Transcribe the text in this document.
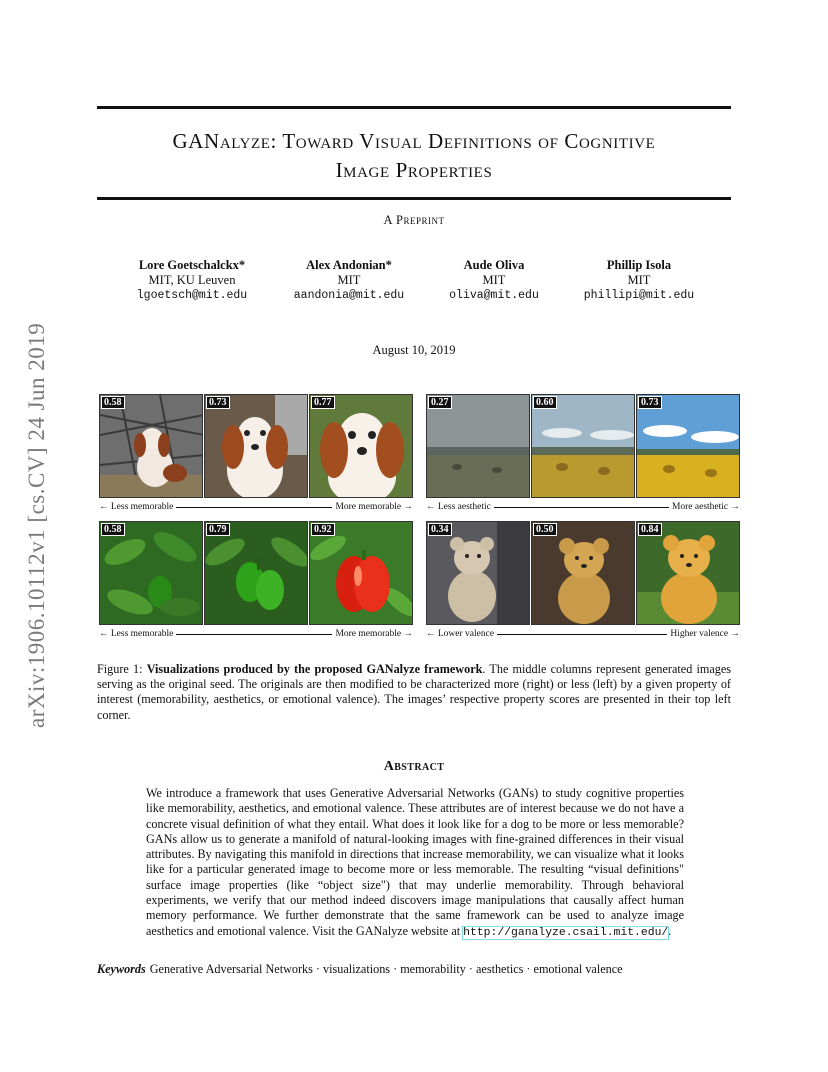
arXiv:1906.10112v1 [cs.CV] 24 Jun 2019
GANalyze: Toward Visual Definitions of Cognitive
Image Properties
A Preprint
Lore Goetschalckx*
MIT, KU Leuven
lgoetsch@mit.edu
Alex Andonian*
MIT
aandonia@mit.edu
Aude Oliva
MIT
oliva@mit.edu
Phillip Isola
MIT
phillipi@mit.edu
August 10, 2019
0.58	0.73	0.77
← Less memorable	More memorable →
0.27	0.60	0.73
← Less aesthetic	More aesthetic →
0.58	0.79	0.92
← Less memorable	More memorable →
0.34	0.50	0.84
← Lower valence	Higher valence →
Figure 1: Visualizations produced by the proposed GANalyze framework. The middle columns represent generated images serving as the original seed. The originals are then modified to be characterized more (right) or less (left) by a given property of interest (memorability, aesthetics, or emotional valence). The images’ respective property scores are presented in their top left corner.
Abstract
We introduce a framework that uses Generative Adversarial Networks (GANs) to study cognitive properties like memorability, aesthetics, and emotional valence. These attributes are of interest because we do not have a concrete visual definition of what they entail. What does it look like for a dog to be more or less memorable? GANs allow us to generate a manifold of natural-looking images with fine-grained differences in their visual attributes. By navigating this manifold in directions that increase memorability, we can visualize what it looks like for a particular generated image to become more or less memorable. The resulting “visual definitions" surface image properties (like “object size") that may underlie memorability. Through behavioral experiments, we verify that our method indeed discovers image manipulations that causally affect human memory performance. We further demonstrate that the same framework can be used to analyze image aesthetics and emotional valence. Visit the GANalyze website at http://ganalyze.csail.mit.edu/.
Keywords Generative Adversarial Networks · visualizations · memorability · aesthetics · emotional valence
